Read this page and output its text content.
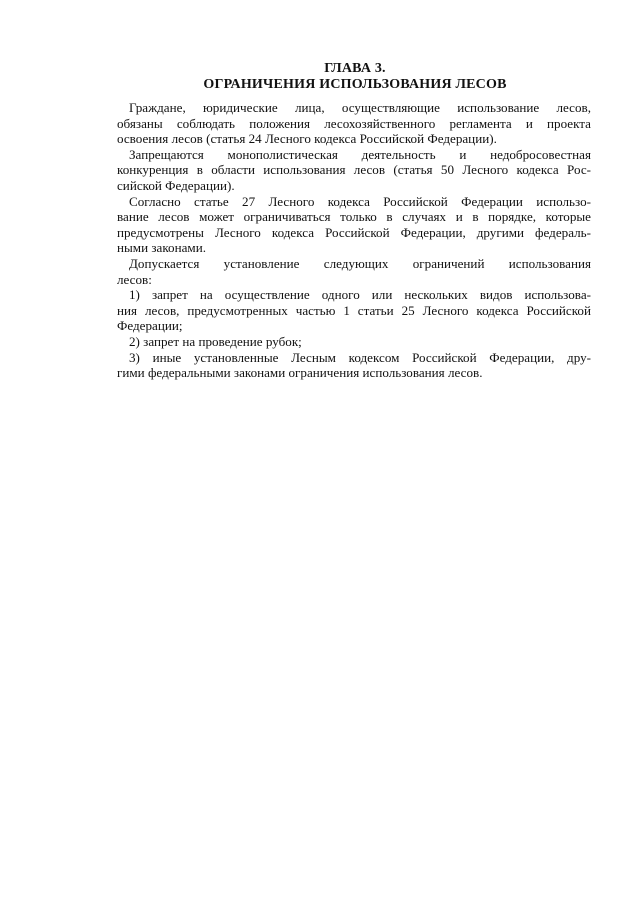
ГЛАВА 3.
ОГРАНИЧЕНИЯ ИСПОЛЬЗОВАНИЯ ЛЕСОВ
Граждане, юридические лица, осуществляющие использование лесов,
обязаны соблюдать положения лесохозяйственного регламента и проекта
освоения лесов (статья 24 Лесного кодекса Российской Федерации).
Запрещаются монополистическая деятельность и недобросовестная
конкуренция в области использования лесов (статья 50 Лесного кодекса Рос-
сийской Федерации).
Согласно статье 27 Лесного кодекса Российской Федерации использо-
вание лесов может ограничиваться только в случаях и в порядке, которые
предусмотрены Лесного кодекса Российской Федерации, другими федераль-
ными законами.
Допускается установление следующих ограничений использования
лесов:
1) запрет на осуществление одного или нескольких видов использова-
ния лесов, предусмотренных частью 1 статьи 25 Лесного кодекса Российской
Федерации;
2) запрет на проведение рубок;
3) иные установленные Лесным кодексом Российской Федерации, дру-
гими федеральными законами ограничения использования лесов.
